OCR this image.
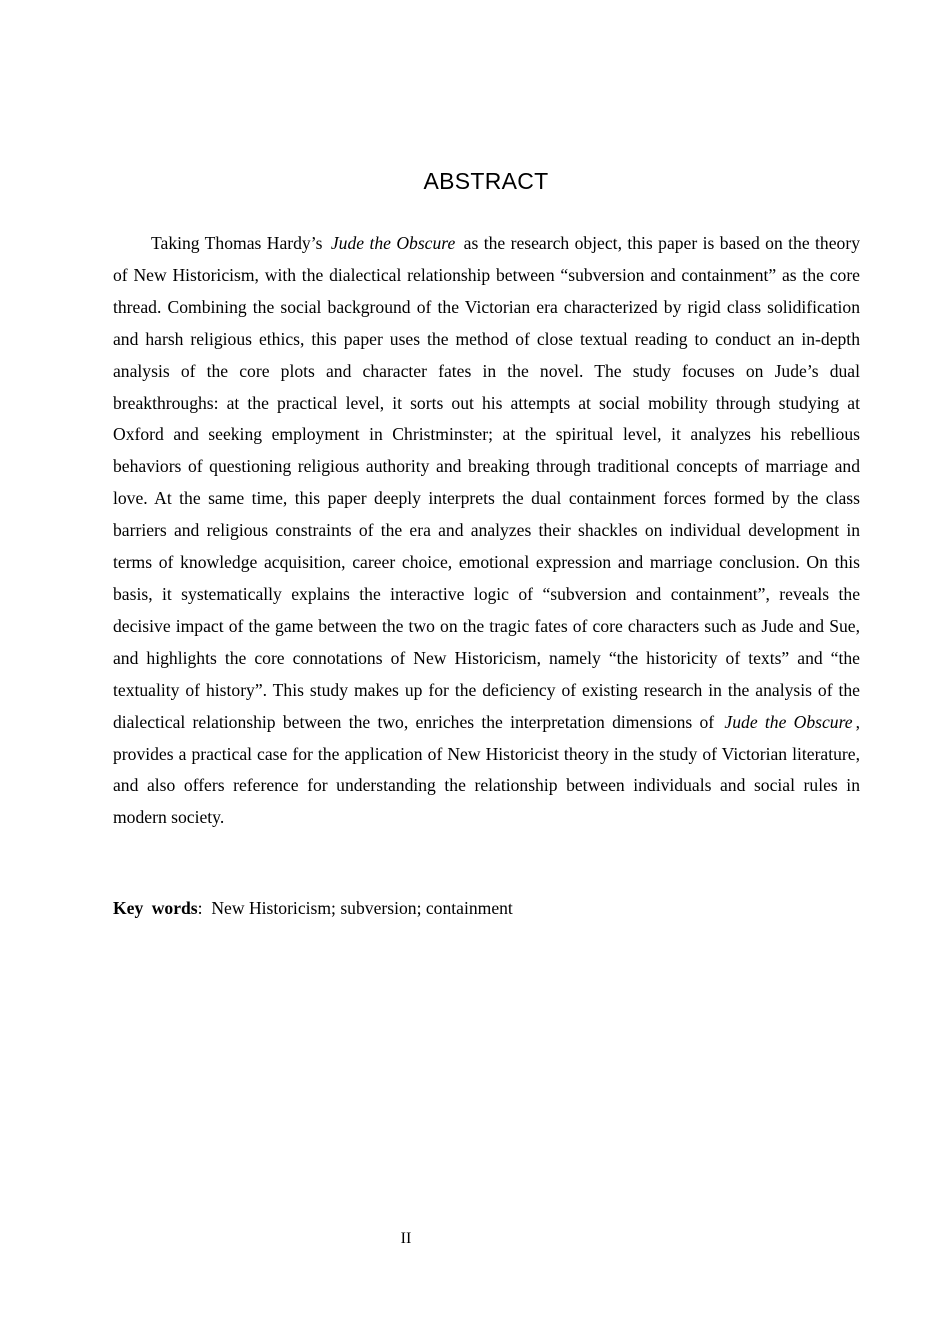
ABSTRACT

Taking Thomas Hardy’s Jude the Obscure as the research object, this paper is based on the theory of New Historicism, with the dialectical relationship between “subversion and containment” as the core thread. Combining the social background of the Victorian era characterized by rigid class solidification and harsh religious ethics, this paper uses the method of close textual reading to conduct an in-depth analysis of the core plots and character fates in the novel. The study focuses on Jude’s dual breakthroughs: at the practical level, it sorts out his attempts at social mobility through studying at Oxford and seeking employment in Christminster; at the spiritual level, it analyzes his rebellious behaviors of questioning religious authority and breaking through traditional concepts of marriage and love. At the same time, this paper deeply interprets the dual containment forces formed by the class barriers and religious constraints of the era and analyzes their shackles on individual development in terms of knowledge acquisition, career choice, emotional expression and marriage conclusion. On this basis, it systematically explains the interactive logic of “subversion and containment”, reveals the decisive impact of the game between the two on the tragic fates of core characters such as Jude and Sue, and highlights the core connotations of New Historicism, namely “the historicity of texts” and “the textuality of history”. This study makes up for the deficiency of existing research in the analysis of the dialectical relationship between the two, enriches the interpretation dimensions of Jude the Obscure , provides a practical case for the application of New Historicist theory in the study of Victorian literature, and also offers reference for understanding the relationship between individuals and social rules in modern society.

Key words: New Historicism; subversion; containment
II
